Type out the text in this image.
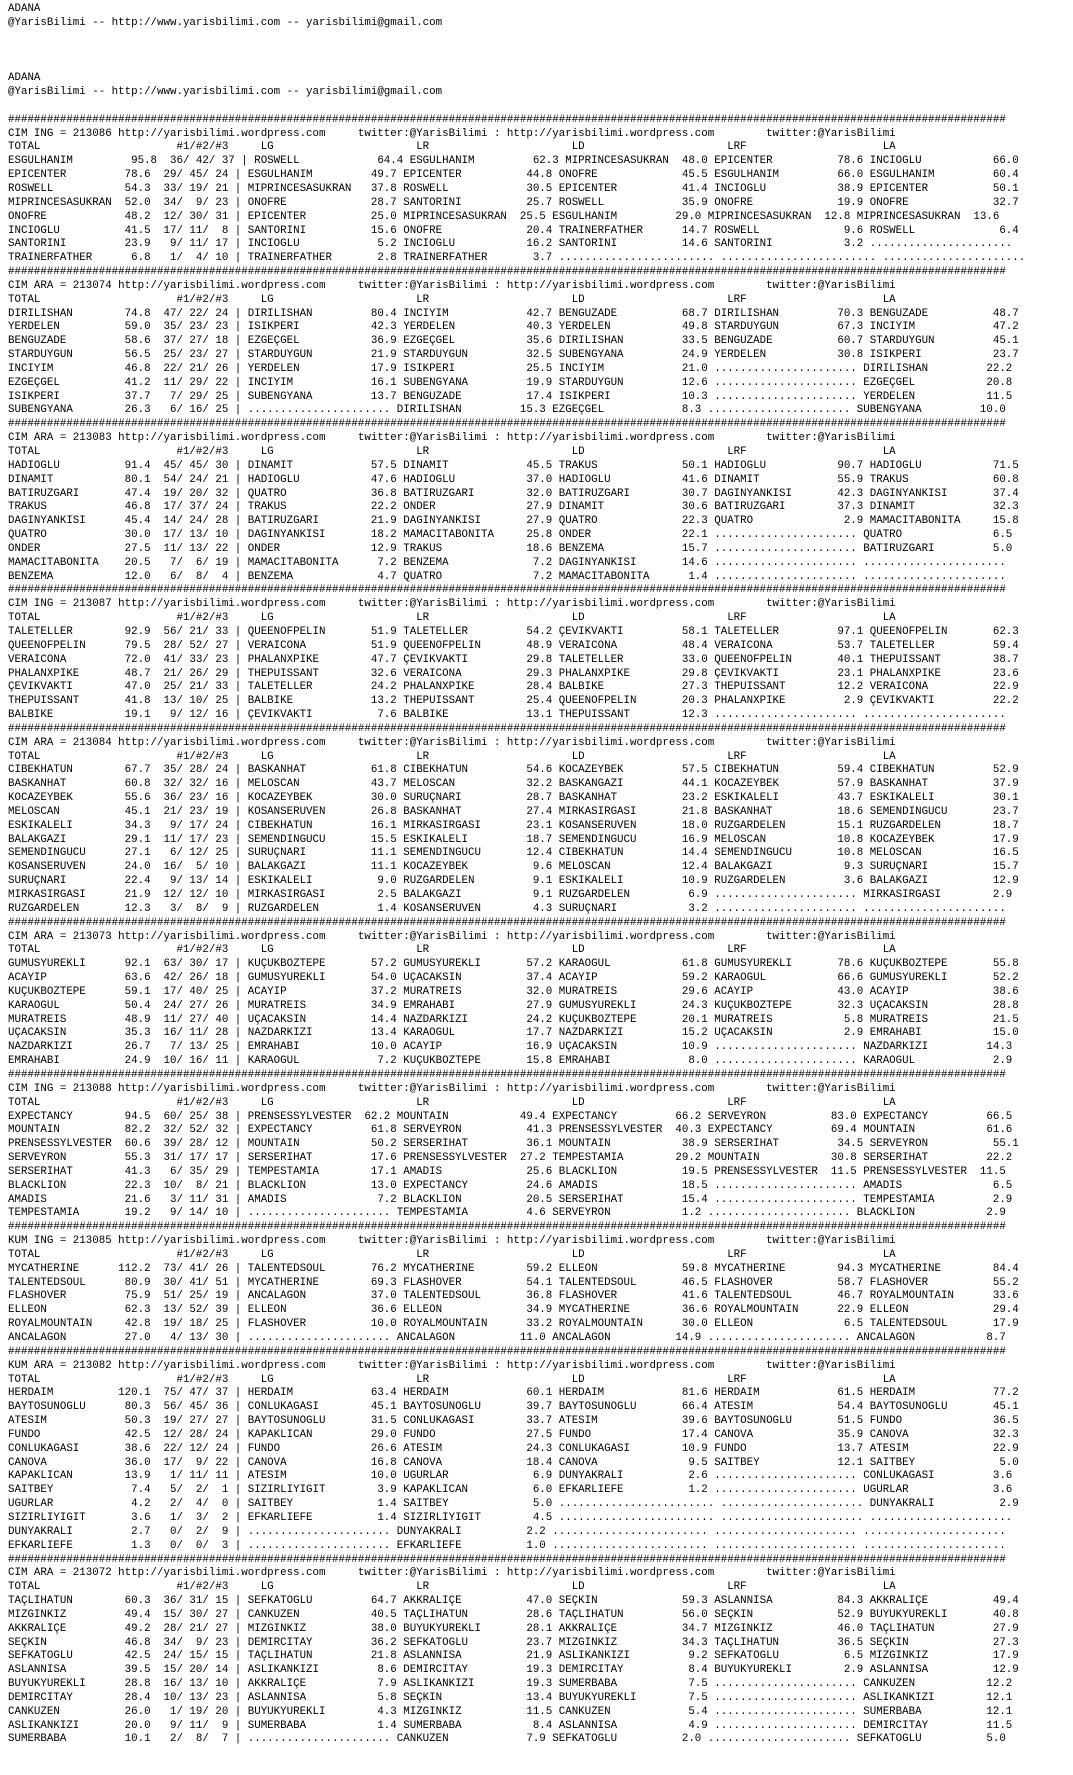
ADANA
@YarisBilimi -- http://www.yarisbilimi.com -- yarisbilimi@gmail.com

ADANA
@YarisBilimi -- http://www.yarisbilimi.com -- yarisbilimi@gmail.com

##########################################################################################################################################################
CIM ING = 213086 http://yarisbilimi.wordpress.com     twitter:@YarisBilimi : http://yarisbilimi.wordpress.com        twitter:@YarisBilimi
TOTAL                     #1/#2/#3     LG                      LR                      LD                      LRF                     LA
ESGÜLHANIM         95.8  36/ 42/ 37 | ROSWELL            64.4 ESGÜLHANIM         62.3 MIPRINCESASÜKRAN  48.0 EPICENTER          78.6 INCIOGLU           66.0
EPICENTER         78.6  29/ 45/ 24 | ESGÜLHANIM         49.7 EPICENTER          44.8 ONOFRE             45.5 ESGÜLHANIM         66.0 ESGÜLHANIM         60.4
ROSWELL           54.3  33/ 19/ 21 | MIPRINCESASÜKRAN   37.8 ROSWELL            30.5 EPICENTER          41.4 INCIOGLU           38.9 EPICENTER          50.1
MIPRINCESASÜKRAN  52.0  34/  9/ 23 | ONOFRE             28.7 SANTORINI          25.7 ROSWELL            35.9 ONOFRE             19.9 ONOFRE             32.7
ONOFRE            48.2  12/ 30/ 31 | EPICENTER          25.0 MIPRINCESASÜKRAN  25.5 ESGÜLHANIM         29.0 MIPRINCESASÜKRAN  12.8 MIPRINCESASÜKRAN  13.6
INCIOGLU          41.5  17/ 11/  8 | SANTORINI          15.6 ONOFRE             20.4 TRAINERFATHER      14.7 ROSWELL             9.6 ROSWELL             6.4
SANTORINI         23.9   9/ 11/ 17 | INCIOGLU            5.2 INCIOGLU           16.2 SANTORINI          14.6 SANTORINI           3.2 ......................
TRAINERFATHER      6.8   1/  4/ 10 | TRAINERFATHER       2.8 TRAINERFATHER       3.7 ........................ ........................ ......................
##########################################################################################################################################################
CIM ARA = 213074 http://yarisbilimi.wordpress.com     twitter:@YarisBilimi : http://yarisbilimi.wordpress.com        twitter:@YarisBilimi
TOTAL                     #1/#2/#3     LG                      LR                      LD                      LRF                     LA
DIRILISHAN        74.8  47/ 22/ 24 | DIRILISHAN         80.4 INCIYIM            42.7 BENGÜZADE          68.7 DIRILISHAN         70.3 BENGÜZADE          48.7
YERDELEN          59.0  35/ 23/ 23 | ISIKPERI           42.3 YERDELEN           40.3 YERDELEN           49.8 STARDUYGUN         67.3 INCIYIM            47.2
BENGÜZADE         58.6  37/ 27/ 18 | EZGEÇGEL           36.9 EZGEÇGEL           35.6 DIRILISHAN         33.5 BENGÜZADE          60.7 STARDUYGUN         45.1
STARDUYGUN        56.5  25/ 23/ 27 | STARDUYGUN         21.9 STARDUYGUN         32.5 SUBENGYANA         24.9 YERDELEN           30.8 ISIKPERI           23.7
INCIYIM           46.8  22/ 21/ 26 | YERDELEN           17.9 ISIKPERI           25.5 INCIYIM            21.0 ...................... DIRILISHAN         22.2
EZGEÇGEL          41.2  11/ 29/ 22 | INCIYIM            16.1 SUBENGYANA         19.9 STARDUYGUN         12.6 ...................... EZGEÇGEL           20.8
ISIKPERI          37.7   7/ 29/ 25 | SUBENGYANA         13.7 BENGÜZADE          17.4 ISIKPERI           10.3 ...................... YERDELEN           11.5
SUBENGYANA        26.3   6/ 16/ 25 | ...................... DIRILISHAN         15.3 EZGEÇGEL            8.3 ...................... SUBENGYANA         10.0
##########################################################################################################################################################
CIM ARA = 213083 http://yarisbilimi.wordpress.com     twitter:@YarisBilimi : http://yarisbilimi.wordpress.com        twitter:@YarisBilimi
TOTAL                     #1/#2/#3     LG                      LR                      LD                      LRF                     LA
HADIOGLU          91.4  45/ 45/ 30 | DINAMIT            57.5 DINAMIT            45.5 TRAKUS             50.1 HADIOGLU           90.7 HADIOGLU           71.5
DINAMIT           80.1  54/ 24/ 21 | HADIOGLU           47.6 HADIOGLU           37.0 HADIOGLU           41.6 DINAMIT            55.9 TRAKUS             60.8
BATIRÜZGARI       47.4  19/ 20/ 32 | QUATRO             36.8 BATIRÜZGARI        32.0 BATIRÜZGARI        30.7 DAGINYANKISI       42.3 DAGINYANKISI       37.4
TRAKUS            46.8  17/ 37/ 24 | TRAKUS             22.2 ÖNDER              27.9 DINAMIT            30.6 BATIRÜZGARI        37.3 DINAMIT            32.3
DAGINYANKISI      45.4  14/ 24/ 28 | BATIRÜZGARI        21.9 DAGINYANKISI       27.9 QUATRO             22.3 QUATRO              2.9 MAMACITABONITA     15.8
QUATRO            30.0  17/ 13/ 10 | DAGINYANKISI       18.2 MAMACITABONITA     25.8 ÖNDER              22.1 ...................... QUATRO              6.5
ÖNDER             27.5  11/ 13/ 22 | ÖNDER              12.9 TRAKUS             18.6 BENZEMA            15.7 ...................... BATIRÜZGARI         5.0
MAMACITABONITA    20.5   7/  6/ 19 | MAMACITABONITA      7.2 BENZEMA             7.2 DAGINYANKISI       14.6 ...................... ......................
BENZEMA           12.0   6/  8/  4 | BENZEMA             4.7 QUATRO              7.2 MAMACITABONITA      1.4 ...................... ......................
##########################################################################################################################################################
CIM ING = 213087 http://yarisbilimi.wordpress.com     twitter:@YarisBilimi : http://yarisbilimi.wordpress.com        twitter:@YarisBilimi
TOTAL                     #1/#2/#3     LG                      LR                      LD                      LRF                     LA
TALETELLER        92.9  56/ 21/ 33 | QUEENOFPELIN       51.9 TALETELLER         54.2 ÇEVIKVAKTI         58.1 TALETELLER         97.1 QUEENOFPELIN       62.3
QUEENOFPELIN      79.5  28/ 52/ 27 | VERAICONA          51.9 QUEENOFPELIN       48.9 VERAICONA          48.4 VERAICONA          53.7 TALETELLER         59.4
VERAICONA         72.0  41/ 33/ 23 | PHALANXPIKE        47.7 ÇEVIKVAKTI         29.8 TALETELLER         33.0 QUEENOFPELIN       40.1 THEPUISSANT        38.7
PHALANXPIKE       48.7  21/ 26/ 29 | THEPUISSANT        32.6 VERAICONA          29.3 PHALANXPIKE        29.8 ÇEVIKVAKTI         23.1 PHALANXPIKE        23.6
ÇEVIKVAKTI        47.0  25/ 21/ 33 | TALETELLER         24.2 PHALANXPIKE        28.4 BALBIKE            27.3 THEPUISSANT        12.2 VERAICONA          22.9
THEPUISSANT       41.8  13/ 10/ 25 | BALBIKE            13.2 THEPUISSANT        25.4 QUEENOFPELIN       20.3 PHALANXPIKE         2.9 ÇEVIKVAKTI         22.2
BALBIKE           19.1   9/ 12/ 16 | ÇEVIKVAKTI          7.6 BALBIKE            13.1 THEPUISSANT        12.3 ...................... ......................
##########################################################################################################################################################
CIM ARA = 213084 http://yarisbilimi.wordpress.com     twitter:@YarisBilimi : http://yarisbilimi.wordpress.com        twitter:@YarisBilimi
TOTAL                     #1/#2/#3     LG                      LR                      LD                      LRF                     LA
CIBEKHATUN        67.7  35/ 28/ 24 | BASKANHAT          61.8 CIBEKHATUN         54.6 KOCAZEYBEK         57.5 CIBEKHATUN         59.4 CIBEKHATUN         52.9
BASKANHAT         60.8  32/ 32/ 16 | MELOSCAN           43.7 MELOSCAN           32.2 BASKANGAZI         44.1 KOCAZEYBEK         57.9 BASKANHAT          37.9
KOCAZEYBEK        55.6  36/ 23/ 16 | KOCAZEYBEK         30.0 SURUÇNARI          28.7 BASKANHAT          23.2 ESKIKALELI         43.7 ESKIKALELI         30.1
MELOSCAN          45.1  21/ 23/ 19 | KOSANSERÜVEN       26.8 BASKANHAT          27.4 MIRKASIRGASI       21.8 BASKANHAT          18.6 SEMENDINGÜCÜ       23.7
ESKIKALELI        34.3   9/ 17/ 24 | CIBEKHATUN         16.1 MIRKASIRGASI       23.1 KOSANSERÜVEN       18.0 RÜZGARDELEN        15.1 RÜZGARDELEN        18.7
BALAKGAZI         29.1  11/ 17/ 23 | SEMENDINGÜCÜ       15.5 ESKIKALELI         18.7 SEMENDINGÜCÜ       16.9 MELOSCAN           10.8 KOCAZEYBEK         17.9
SEMENDINGÜCÜ      27.1   6/ 12/ 25 | SURUÇNARI          11.1 SEMENDINGÜCÜ       12.4 CIBEKHATUN         14.4 SEMENDINGÜCÜ       10.8 MELOSCAN           16.5
KOSANSERÜVEN      24.0  16/  5/ 10 | BALAKGAZI          11.1 KOCAZEYBEK          9.6 MELOSCAN           12.4 BALAKGAZI           9.3 SURUÇNARI          15.7
SURUÇNARI         22.4   9/ 13/ 14 | ESKIKALELI          9.0 RÜZGARDELEN         9.1 ESKIKALELI         10.9 RÜZGARDELEN         3.6 BALAKGAZI          12.9
MIRKASIRGASI      21.9  12/ 12/ 10 | MIRKASIRGASI        2.5 BALAKGAZI           9.1 RÜZGARDELEN         6.9 ...................... MIRKASIRGASI        2.9
RÜZGARDELEN       12.3   3/  8/  9 | RÜZGARDELEN         1.4 KOSANSERÜVEN        4.3 SURUÇNARI           3.2 ...................... ......................
##########################################################################################################################################################
CIM ARA = 213073 http://yarisbilimi.wordpress.com     twitter:@YarisBilimi : http://yarisbilimi.wordpress.com        twitter:@YarisBilimi
TOTAL                     #1/#2/#3     LG                      LR                      LD                      LRF                     LA
GÜMÜSYÜREKLI      92.1  63/ 30/ 17 | KÜÇÜKBOZTEPE       57.2 GÜMÜSYÜREKLI       57.2 KARAOGUL           61.8 GÜMÜSYÜREKLI       78.6 KÜÇÜKBOZTEPE       55.8
ACAYIP            63.6  42/ 26/ 18 | GÜMÜSYÜREKLI       54.0 UÇACAKSIN          37.4 ACAYIP             59.2 KARAOGUL           66.6 GÜMÜSYÜREKLI       52.2
KÜÇÜKBOZTEPE      59.1  17/ 40/ 25 | ACAYIP             37.2 MURATREIS          32.0 MURATREIS          29.6 ACAYIP             43.0 ACAYIP             38.6
KARAOGUL          50.4  24/ 27/ 26 | MURATREIS          34.9 EMRAHABI           27.9 GÜMÜSYÜREKLI       24.3 KÜÇÜKBOZTEPE       32.3 UÇACAKSIN          28.8
MURATREIS         48.9  11/ 27/ 40 | UÇACAKSIN          14.4 NAZDARKIZI         24.2 KÜÇÜKBOZTEPE       20.1 MURATREIS           5.8 MURATREIS          21.5
UÇACAKSIN         35.3  16/ 11/ 28 | NAZDARKIZI         13.4 KARAOGUL           17.7 NAZDARKIZI         15.2 UÇACAKSIN           2.9 EMRAHABI           15.0
NAZDARKIZI        26.7   7/ 13/ 25 | EMRAHABI           10.0 ACAYIP             16.9 UÇACAKSIN          10.9 ...................... NAZDARKIZI         14.3
EMRAHABI          24.9  10/ 16/ 11 | KARAOGUL            7.2 KÜÇÜKBOZTEPE       15.8 EMRAHABI            8.0 ...................... KARAOGUL            2.9
##########################################################################################################################################################
CIM ING = 213088 http://yarisbilimi.wordpress.com     twitter:@YarisBilimi : http://yarisbilimi.wordpress.com        twitter:@YarisBilimi
TOTAL                     #1/#2/#3     LG                      LR                      LD                      LRF                     LA
EXPECTANCY        94.5  60/ 25/ 38 | PRENSESSYLVESTER  62.2 MOUNTAIN           49.4 EXPECTANCY         66.2 SERVEYRON          83.0 EXPECTANCY         66.5
MOUNTAIN          82.2  32/ 52/ 32 | EXPECTANCY         61.8 SERVEYRON          41.3 PRENSESSYLVESTER  40.3 EXPECTANCY         69.4 MOUNTAIN           61.6
PRENSESSYLVESTER  60.6  39/ 28/ 12 | MOUNTAIN           50.2 SERSERIHAT         36.1 MOUNTAIN           38.9 SERSERIHAT         34.5 SERVEYRON          55.1
SERVEYRON         55.3  31/ 17/ 17 | SERSERIHAT         17.6 PRENSESSYLVESTER  27.2 TEMPESTAMIA        29.2 MOUNTAIN           30.8 SERSERIHAT         22.2
SERSERIHAT        41.3   6/ 35/ 29 | TEMPESTAMIA        17.1 AMADIS             25.6 BLACKLION          19.5 PRENSESSYLVESTER  11.5 PRENSESSYLVESTER  11.5
BLACKLION         22.3  10/  8/ 21 | BLACKLION          13.0 EXPECTANCY         24.6 AMADIS             18.5 ...................... AMADIS              6.5
AMADIS            21.6   3/ 11/ 31 | AMADIS              7.2 BLACKLION          20.5 SERSERIHAT         15.4 ...................... TEMPESTAMIA         2.9
TEMPESTAMIA       19.2   9/ 14/ 10 | ...................... TEMPESTAMIA         4.6 SERVEYRON           1.2 ...................... BLACKLION           2.9
##########################################################################################################################################################
KUM ING = 213085 http://yarisbilimi.wordpress.com     twitter:@YarisBilimi : http://yarisbilimi.wordpress.com        twitter:@YarisBilimi
TOTAL                     #1/#2/#3     LG                      LR                      LD                      LRF                     LA
MYCATHERINE      112.2  73/ 41/ 26 | TALENTEDSOUL       76.2 MYCATHERINE        59.2 ELLEON             59.8 MYCATHERINE        94.3 MYCATHERINE        84.4
TALENTEDSOUL      80.9  30/ 41/ 51 | MYCATHERINE        69.3 FLASHOVER          54.1 TALENTEDSOUL       46.5 FLASHOVER          58.7 FLASHOVER          55.2
FLASHOVER         75.9  51/ 25/ 19 | ANCALAGON          37.0 TALENTEDSOUL       36.8 FLASHOVER          41.6 TALENTEDSOUL       46.7 ROYALMOUNTAIN      33.6
ELLEON            62.3  13/ 52/ 39 | ELLEON             36.6 ELLEON             34.9 MYCATHERINE        36.6 ROYALMOUNTAIN      22.9 ELLEON             29.4
ROYALMOUNTAIN     42.8  19/ 18/ 25 | FLASHOVER          10.0 ROYALMOUNTAIN      33.2 ROYALMOUNTAIN      30.0 ELLEON              6.5 TALENTEDSOUL       17.9
ANCALAGON         27.0   4/ 13/ 30 | ...................... ANCALAGON          11.0 ANCALAGON          14.9 ...................... ANCALAGON           8.7
##########################################################################################################################################################
KUM ARA = 213082 http://yarisbilimi.wordpress.com     twitter:@YarisBilimi : http://yarisbilimi.wordpress.com        twitter:@YarisBilimi
TOTAL                     #1/#2/#3     LG                      LR                      LD                      LRF                     LA
HERDAIM          120.1  75/ 47/ 37 | HERDAIM            63.4 HERDAIM            60.1 HERDAIM            81.6 HERDAIM            61.5 HERDAIM            77.2
BAYTOSUNOGLU      80.3  56/ 45/ 36 | CONLUKAGASI        45.1 BAYTOSUNOGLU       39.7 BAYTOSUNOGLU       66.4 ATESIM             54.4 BAYTOSUNOGLU       45.1
ATESIM            50.3  19/ 27/ 27 | BAYTOSUNOGLU       31.5 CONLUKAGASI        33.7 ATESIM             39.6 BAYTOSUNOGLU       51.5 FUNDO              36.5
FUNDO             42.5  12/ 28/ 24 | KAPAKLICAN         29.0 FUNDO              27.5 FUNDO              17.4 CANOVA             35.9 CANOVA             32.3
CONLUKAGASI       38.6  22/ 12/ 24 | FUNDO              26.6 ATESIM             24.3 CONLUKAGASI        10.9 FUNDO              13.7 ATESIM             22.9
CANOVA            36.0  17/  9/ 22 | CANOVA             16.8 CANOVA             18.4 CANOVA              9.5 SAITBEY            12.1 SAITBEY             5.0
KAPAKLICAN        13.9   1/ 11/ 11 | ATESIM             10.0 UGURLAR             6.9 DÜNYAKRALI          2.6 ...................... CONLUKAGASI         3.6
SAITBEY            7.4   5/  2/  1 | SIZIRLIYIGIT        3.9 KAPAKLICAN          6.0 EFKARLIEFE          1.2 ...................... UGURLAR             3.6
UGURLAR            4.2   2/  4/  0 | SAITBEY             1.4 SAITBEY             5.0 ........................ ...................... DÜNYAKRALI          2.9
SIZIRLIYIGIT       3.6   1/  3/  2 | EFKARLIEFE          1.4 SIZIRLIYIGIT        4.5 ........................ ...................... ......................
DÜNYAKRALI         2.7   0/  2/  9 | ...................... DÜNYAKRALI          2.2 ........................ ...................... ......................
EFKARLIEFE         1.3   0/  0/  3 | ...................... EFKARLIEFE          1.0 ........................ ...................... ......................
##########################################################################################################################################################
CIM ARA = 213072 http://yarisbilimi.wordpress.com     twitter:@YarisBilimi : http://yarisbilimi.wordpress.com        twitter:@YarisBilimi
TOTAL                     #1/#2/#3     LG                      LR                      LD                      LRF                     LA
TAÇLIHATUN        60.3  36/ 31/ 15 | SEFKATOGLU         64.7 AKKRALIÇE          47.0 SEÇKIN             59.3 ASLANNISA          84.3 AKKRALIÇE          49.4
MIZGINKIZ         49.4  15/ 30/ 27 | CANKUZEN           40.5 TAÇLIHATUN         28.6 TAÇLIHATUN         56.0 SEÇKIN             52.9 BÜYÜKYÜREKLI       40.8
AKKRALIÇE         49.2  28/ 21/ 27 | MIZGINKIZ          38.0 BÜYÜKYÜREKLI       28.1 AKKRALIÇE          34.7 MIZGINKIZ          46.0 TAÇLIHATUN         27.9
SEÇKIN            46.8  34/  9/ 23 | DEMIRCITAY         36.2 SEFKATOGLU         23.7 MIZGINKIZ          34.3 TAÇLIHATUN         36.5 SEÇKIN             27.3
SEFKATOGLU        42.5  24/ 15/ 15 | TAÇLIHATUN         21.8 ASLANNISA          21.9 ASLIKANKIZI         9.2 SEFKATOGLU          6.5 MIZGINKIZ          17.9
ASLANNISA         39.5  15/ 20/ 14 | ASLIKANKIZI         8.6 DEMIRCITAY         19.3 DEMIRCITAY          8.4 BÜYÜKYÜREKLI        2.9 ASLANNISA          12.9
BÜYÜKYÜREKLI      28.8  16/ 13/ 10 | AKKRALIÇE           7.9 ASLIKANKIZI        19.3 SÜMERBABA           7.5 ...................... CANKUZEN           12.2
DEMIRCITAY        28.4  10/ 13/ 23 | ASLANNISA           5.8 SEÇKIN             13.4 BÜYÜKYÜREKLI        7.5 ...................... ASLIKANKIZI        12.1
CANKUZEN          26.0   1/ 19/ 20 | BÜYÜKYÜREKLI        4.3 MIZGINKIZ          11.5 CANKUZEN            5.4 ...................... SÜMERBABA          12.1
ASLIKANKIZI       20.0   9/ 11/  9 | SÜMERBABA           1.4 SÜMERBABA           8.4 ASLANNISA           4.9 ...................... DEMIRCITAY         11.5
SÜMERBABA         10.1   2/  8/  7 | ...................... CANKUZEN            7.9 SEFKATOGLU          2.0 ...................... SEFKATOGLU          5.0
